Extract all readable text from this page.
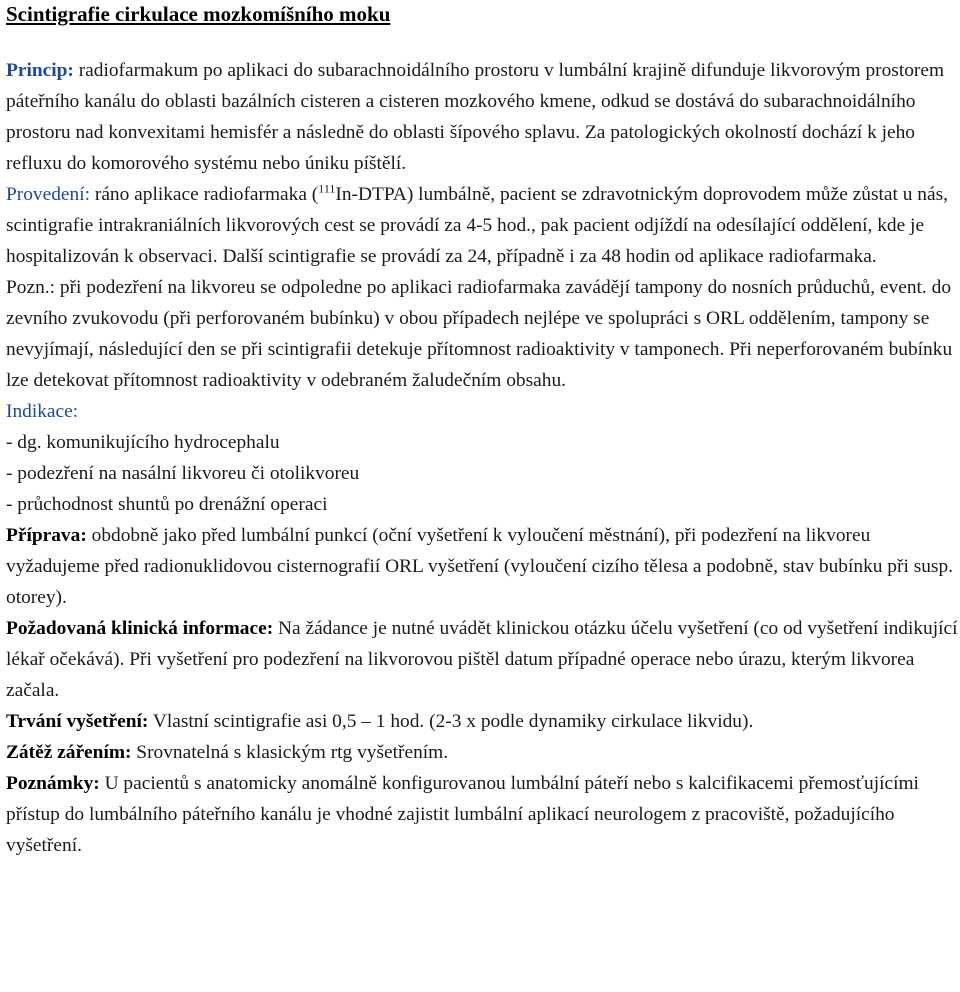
Scintigrafie cirkulace mozkomíšního moku

Princip: radiofarmakum po aplikaci do subarachnoidálního prostoru v lumbální krajině difunduje likvorovým prostorem páteřního kanálu do oblasti bazálních cisteren a cisteren mozkového kmene, odkud se dostává do subarachnoidálního prostoru nad konvexitami hemisfér a následně do oblasti šípového splavu. Za patologických okolností dochází k jeho refluxu do komorového systému nebo úniku píštělí.

Provedení: ráno aplikace radiofarmaka ($^{111}$In-DTPA) lumbálně, pacient se zdravotnickým doprovodem může zůstat u nás, scintigrafie intrakraniálních likvorových cest se provádí za 4-5 hod., pak pacient odjíždí na odesílající oddělení, kde je hospitalizován k observaci. Další scintigrafie se provádí za 24, případně i za 48 hodin od aplikace radiofarmaka.

Pozn.: při podezření na likvoreu se odpoledne po aplikaci radiofarmaka zavádějí tampony do nosních průduchů, event. do zevního zvukovodu (při perforovaném bubínku) v obou případech nejlépe ve spolupráci s ORL oddělením, tampony se nevyjímají, následující den se při scintigrafii detekuje přítomnost radioaktivity v tamponech. Při neperforovaném bubínku lze detekovat přítomnost radioaktivity v odebraném žaludečním obsahu.

Indikace:

- dg. komunikujícího hydrocephalu

- podezření na nasální likvoreu či otolikvoreu

- průchodnost shuntů po drenážní operaci

Příprava: obdobně jako před lumbální punkcí (oční vyšetření k vyloučení městnání), při podezření na likvoreu vyžadujeme před radionuklidovou cisternografií ORL vyšetření (vyloučení cizího tělesa a podobně, stav bubínku při susp. otorey).

Požadovaná klinická informace: Na žádance je nutné uvádět klinickou otázku účelu vyšetření (co od vyšetření indikující lékař očekává). Při vyšetření pro podezření na likvorovou pištěl datum případné operace nebo úrazu, kterým likvorea začala.

Trvání vyšetření: Vlastní scintigrafie asi 0,5 – 1 hod. (2-3 x podle dynamiky cirkulace likvidu).

Zátěž zářením: Srovnatelná s klasickým rtg vyšetřením.

Poznámky: U pacientů s anatomicky anomálně konfigurovanou lumbální páteří nebo s kalcifikacemi přemosťujícími přístup do lumbálního páteřního kanálu je vhodné zajistit lumbální aplikací neurologem z pracoviště, požadujícího vyšetření.
